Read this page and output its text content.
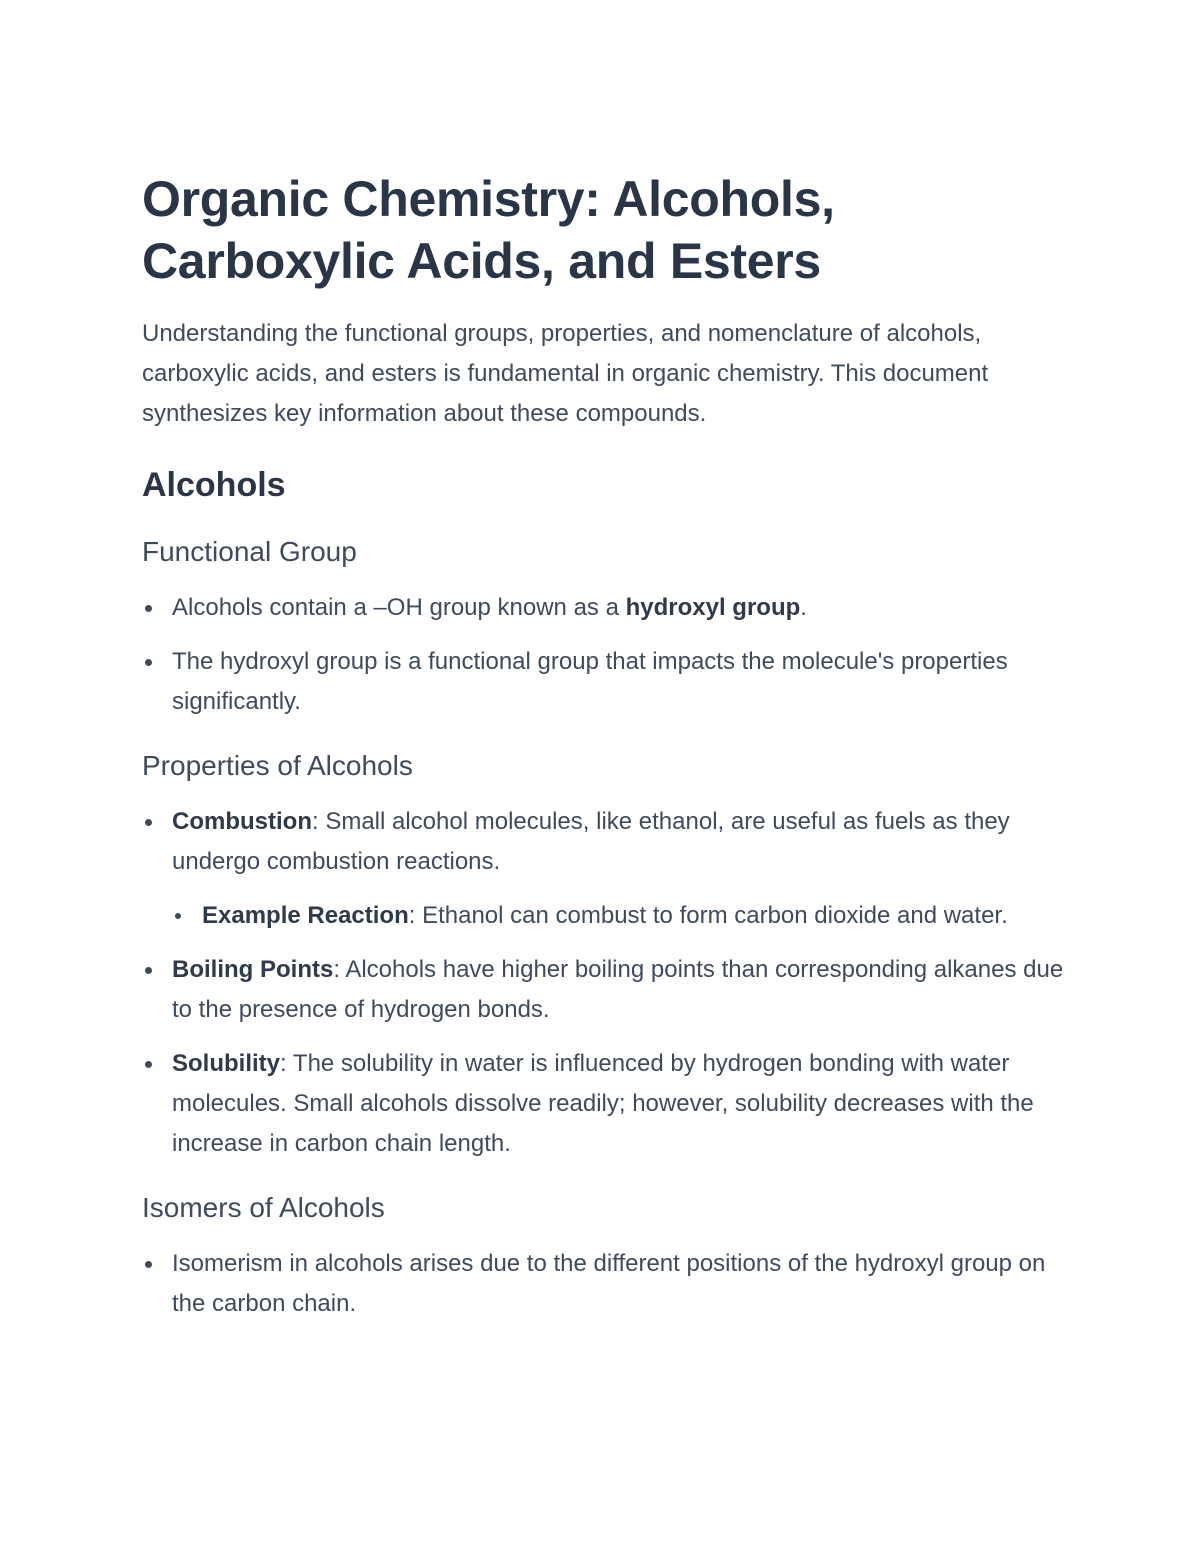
Organic Chemistry: Alcohols, Carboxylic Acids, and Esters

Understanding the functional groups, properties, and nomenclature of alcohols, carboxylic acids, and esters is fundamental in organic chemistry. This document synthesizes key information about these compounds.

Alcohols
Functional Group
Alcohols contain a –OH group known as a hydroxyl group.
The hydroxyl group is a functional group that impacts the molecule's properties significantly.
Properties of Alcohols
Combustion: Small alcohol molecules, like ethanol, are useful as fuels as they undergo combustion reactions.
Example Reaction: Ethanol can combust to form carbon dioxide and water.
Boiling Points: Alcohols have higher boiling points than corresponding alkanes due to the presence of hydrogen bonds.
Solubility: The solubility in water is influenced by hydrogen bonding with water molecules. Small alcohols dissolve readily; however, solubility decreases with the increase in carbon chain length.
Isomers of Alcohols
Isomerism in alcohols arises due to the different positions of the hydroxyl group on the carbon chain.
